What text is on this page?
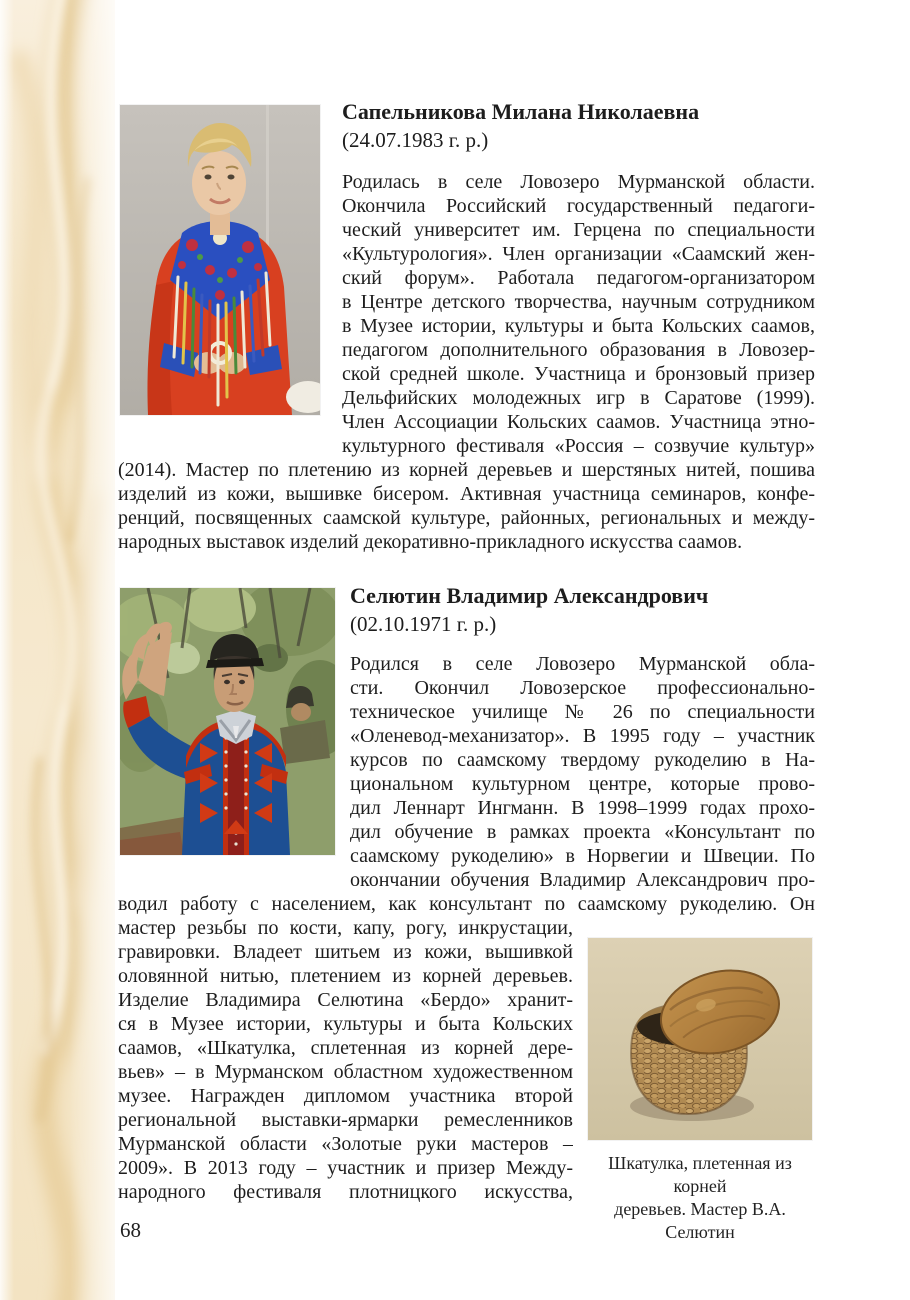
Сапельникова Милана Николаевна
(24.07.1983 г. р.)
Родилась в селе Ловозеро Мурманской области.
Окончила Российский государственный педагоги-
ческий университет им. Герцена по специальности
«Культурология». Член организации «Саамский жен-
ский форум». Работала педагогом-организатором
в Центре детского творчества, научным сотрудником
в Музее истории, культуры и быта Кольских саамов,
педагогом дополнительного образования в Ловозер-
ской средней школе. Участница и бронзовый призер
Дельфийских молодежных игр в Саратове (1999).
Член Ассоциации Кольских саамов. Участница этно-
культурного фестиваля «Россия – созвучие культур»
(2014). Мастер по плетению из корней деревьев и шерстяных нитей, пошива
изделий из кожи, вышивке бисером. Активная участница семинаров, конфе-
ренций, посвященных саамской культуре, районных, региональных и между-
народных выставок изделий декоративно-прикладного искусства саамов.
Селютин Владимир Александрович
(02.10.1971 г. р.)
Родился в селе Ловозеро Мурманской обла-
сти. Окончил Ловозерское профессионально-
техническое училище № 26 по специальности
«Оленевод-механизатор». В 1995 году – участник
курсов по саамскому твердому рукоделию в На-
циональном культурном центре, которые прово-
дил Леннарт Ингманн. В 1998–1999 годах прохо-
дил обучение в рамках проекта «Консультант по
саамскому рукоделию» в Норвегии и Швеции. По
окончании обучения Владимир Александрович про-
водил работу с населением, как консультант по саамскому рукоделию. Он
мастер резьбы по кости, капу, рогу, инкрустации,
гравировки. Владеет шитьем из кожи, вышивкой
оловянной нитью, плетением из корней деревьев.
Изделие Владимира Селютина «Бердо» хранит-
ся в Музее истории, культуры и быта Кольских
саамов, «Шкатулка, сплетенная из корней дере-
вьев» – в Мурманском областном художественном
музее. Награжден дипломом участника второй
региональной выставки-ярмарки ремесленников
Мурманской области «Золотые руки мастеров –
2009». В 2013 году – участник и призер Между-
народного фестиваля плотницкого искусства,
Шкатулка, плетенная из корней
деревьев. Мастер В.А. Селютин
68
